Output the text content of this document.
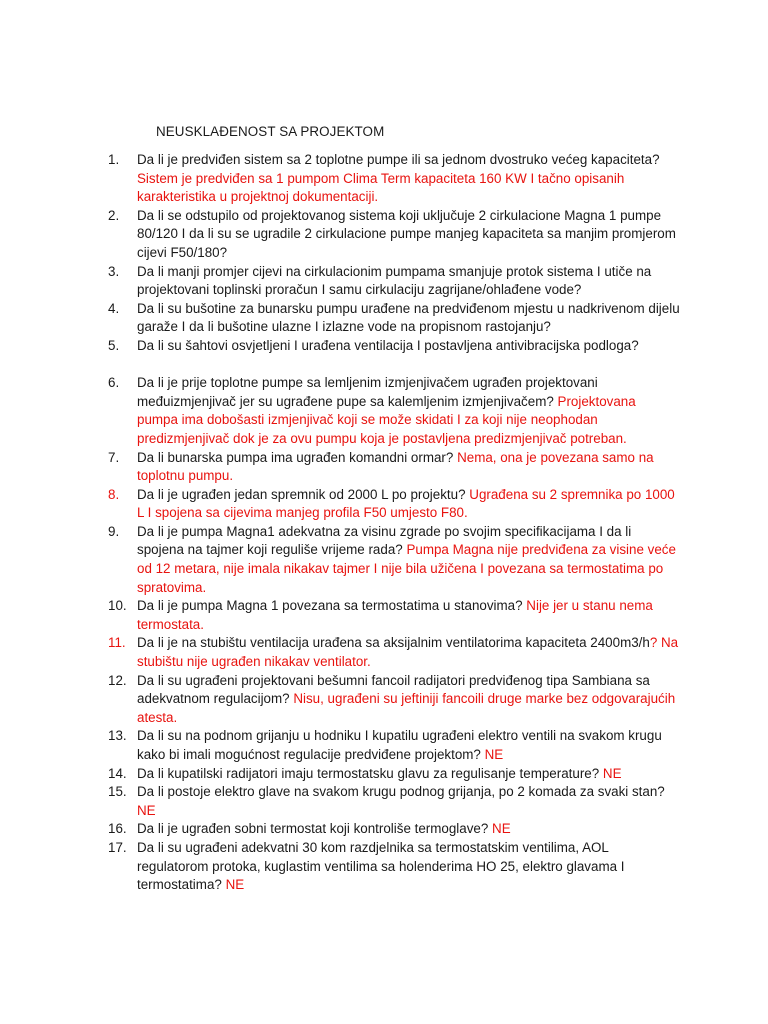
NEUSKLAĐENOST SA PROJEKTOM
1.	Da li je predviđen sistem sa 2 toplotne pumpe ili sa jednom dvostruko većeg kapaciteta?
Sistem je predviđen sa 1 pumpom Clima Term kapaciteta 160 KW I tačno opisanih karakteristika u projektnoj dokumentaciji.
2.	Da li se odstupilo od projektovanog sistema koji uključuje 2 cirkulacione Magna 1 pumpe 80/120 I da li su se ugradile 2 cirkulacione pumpe manjeg kapaciteta sa manjim promjerom cijevi F50/180?
3.	Da li manji promjer cijevi na cirkulacionim pumpama smanjuje protok sistema I utiče na projektovani toplinski proračun I samu cirkulaciju zagrijane/ohlađene vode?
4.	Da li su bušotine za bunarsku pumpu urađene na predviđenom mjestu u nadkrivenom dijelu garaže I da li bušotine ulazne I izlazne vode na propisnom rastojanju?
5.	Da li su šahtovi osvjetljeni I urađena ventilacija I postavljena antivibracijska podloga?
6.	Da li je prije toplotne pumpe sa lemljenim izmjenjivačem ugrađen projektovani međuizmjenjivač jer su ugrađene pupe sa kalemljenim izmjenjivačem? Projektovana pumpa ima dobošasti izmjenjivač koji se može skidati I za koji nije neophodan predizmjenjivač dok je za ovu pumpu koja je postavljena predizmjenjivač potreban.
7.	Da li bunarska pumpa ima ugrađen komandni ormar? Nema, ona je povezana samo na toplotnu pumpu.
8.	Da li je ugrađen jedan spremnik od 2000 L po projektu? Ugrađena su 2 spremnika po 1000 L I spojena sa cijevima manjeg profila F50 umjesto F80.
9.	Da li je pumpa Magna1 adekvatna za visinu zgrade po svojim specifikacijama I da li spojena na tajmer koji reguliše vrijeme rada? Pumpa Magna nije predviđena za visine veće od 12 metara, nije imala nikakav tajmer I nije bila užičena I povezana sa termostatima po spratovima.
10. Da li je pumpa Magna 1 povezana sa termostatima u stanovima? Nije jer u stanu nema termostata.
11. Da li je na stubištu ventilacija urađena sa aksijalnim ventilatorima kapaciteta 2400m3/h? Na stubištu nije ugrađen nikakav ventilator.
12. Da li su ugrađeni projektovani bešumni fancoil radijatori predviđenog tipa Sambiana sa adekvatnom regulacijom? Nisu, ugrađeni su jeftiniji fancoili druge marke bez odgovarajućih atesta.
13. Da li su na podnom grijanju u hodniku I kupatilu ugrađeni elektro ventili na svakom krugu kako bi imali mogućnost regulacije predviđene projektom? NE
14. Da li kupatilski radijatori imaju termostatsku glavu za regulisanje temperature? NE
15. Da li postoje elektro glave na svakom krugu podnog grijanja, po 2 komada za svaki stan? NE
16. Da li je ugrađen sobni termostat koji kontroliše termoglave? NE
17. Da li su ugrađeni adekvatni 30 kom razdjelnika sa termostatskim ventilima, AOL regulatorom protoka, kuglastim ventilima sa holenderima HO 25, elektro glavama I termostatima? NE
